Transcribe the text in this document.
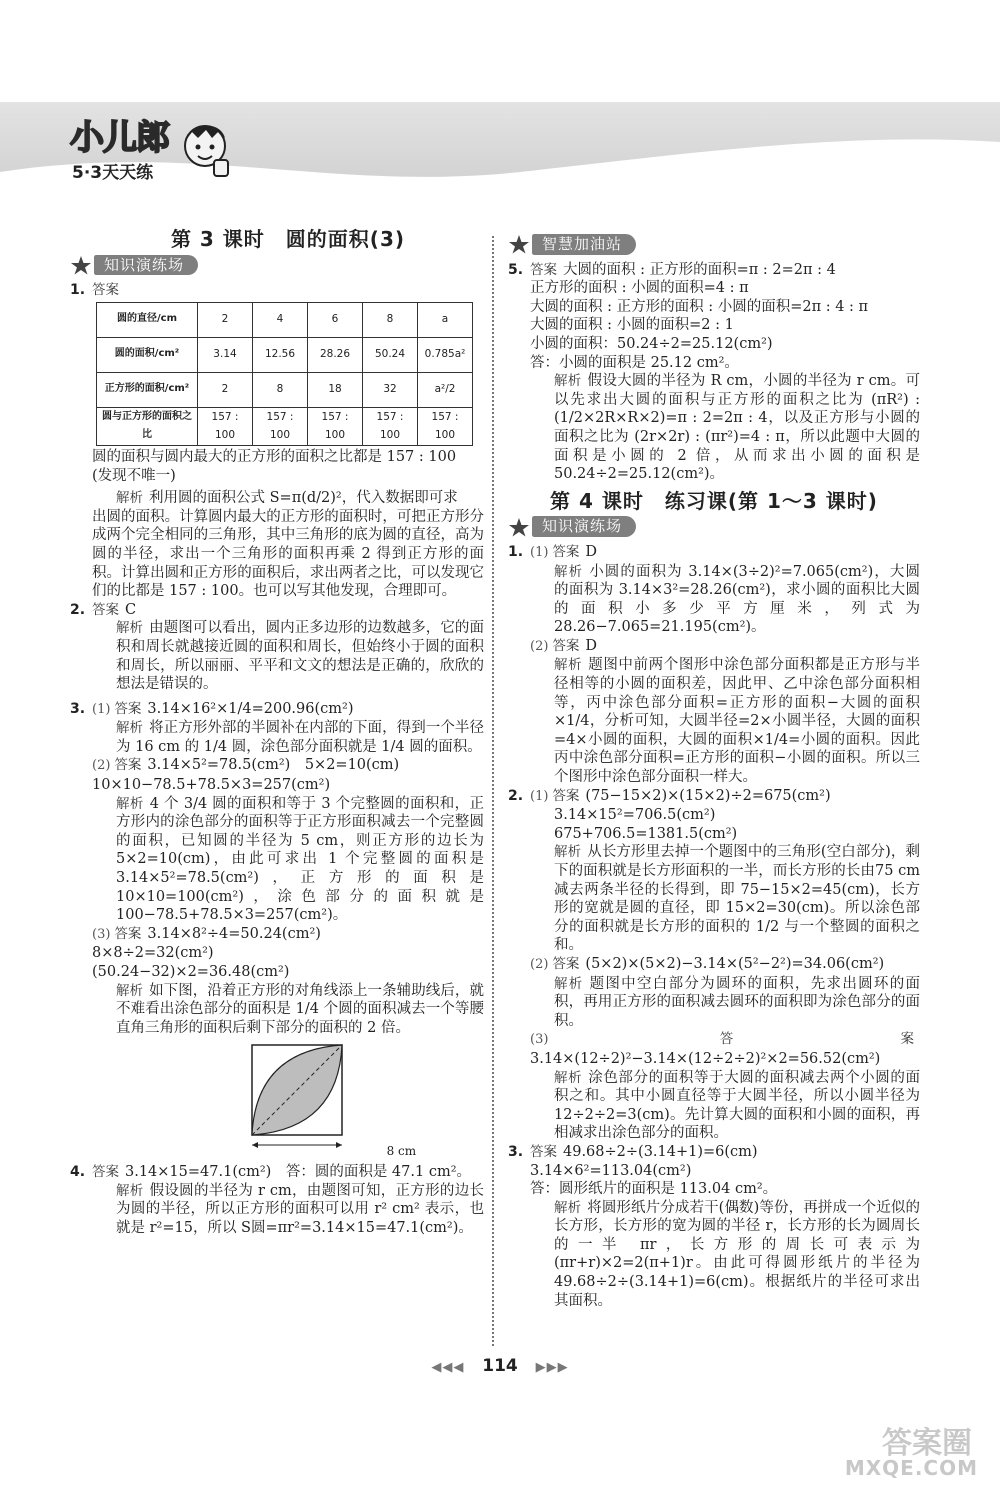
小儿郎
5·3天天练
第 3 课时　圆的面积(3)
知识演练场
1. 答案
圆的直径/cm	2	4	6	8	a
圆的面积/cm²	3.14	12.56	28.26	50.24	0.785a²
正方形的面积/cm²	2	8	18	32	a²/2
圆与正方形的面积之比	157 : 100	157 : 100	157 : 100	157 : 100	157 : 100

圆的面积与圆内最大的正方形的面积之比都是 157 : 100

(发现不唯一)

解析 利用圆的面积公式 S=π(d/2)²，代入数据即可求

出圆的面积。计算圆内最大的正方形的面积时，可把正方形分成两个完全相同的三角形，其中三角形的底为圆的直径，高为圆的半径，求出一个三角形的面积再乘 2 得到正方形的面积。计算出圆和正方形的面积后，求出两者之比，可以发现它们的比都是 157 : 100。也可以写其他发现，合理即可。

2. 答案 C

解析 由题图可以看出，圆内正多边形的边数越多，它的面积和周长就越接近圆的面积和周长，但始终小于圆的面积和周长，所以丽丽、平平和文文的想法是正确的，欣欣的想法是错误的。

3. (1) 答案 3.14×16²×1/4=200.96(cm²)

解析 将正方形外部的半圆补在内部的下面，得到一个半径为 16 cm 的 1/4 圆，涂色部分面积就是 1/4 圆的面积。

(2) 答案 3.14×5²=78.5(cm²)　5×2=10(cm)

10×10−78.5+78.5×3=257(cm²)

解析 4 个 3/4 圆的面积和等于 3 个完整圆的面积和，正方形内的涂色部分的面积等于正方形面积减去一个完整圆的面积，已知圆的半径为 5 cm，则正方形的边长为 5×2=10(cm)，由此可求出 1 个完整圆的面积是 3.14×5²=78.5(cm²)，正方形的面积是 10×10=100(cm²)，涂色部分的面积就是 100−78.5+78.5×3=257(cm²)。

(3) 答案 3.14×8²÷4=50.24(cm²)

8×8÷2=32(cm²)

(50.24−32)×2=36.48(cm²)

解析 如下图，沿着正方形的对角线添上一条辅助线后，就不难看出涂色部分的面积是 1/4 个圆的面积减去一个等腰直角三角形的面积后剩下部分的面积的 2 倍。

8 cm
4. 答案 3.14×15=47.1(cm²)　答：圆的面积是 47.1 cm²。

解析 假设圆的半径为 r cm，由题图可知，正方形的边长为圆的半径，所以正方形的面积可以用 r² cm² 表示，也就是 r²=15，所以 S圆=πr²=3.14×15=47.1(cm²)。

智慧加油站
5. 答案 大圆的面积 : 正方形的面积=π : 2=2π : 4

正方形的面积 : 小圆的面积=4 : π

大圆的面积 : 正方形的面积 : 小圆的面积=2π : 4 : π

大圆的面积 : 小圆的面积=2 : 1

小圆的面积：50.24÷2=25.12(cm²)

答：小圆的面积是 25.12 cm²。

解析 假设大圆的半径为 R cm，小圆的半径为 r cm。可以先求出大圆的面积与正方形的面积之比为 (πR²) : (1/2×2R×R×2)=π : 2=2π : 4，以及正方形与小圆的面积之比为 (2r×2r) : (πr²)=4 : π，所以此题中大圆的面积是小圆的 2 倍，从而求出小圆的面积是 50.24÷2=25.12(cm²)。

第 4 课时　练习课(第 1～3 课时)
知识演练场
1. (1) 答案 D

解析 小圆的面积为 3.14×(3÷2)²=7.065(cm²)，大圆的面积为 3.14×3²=28.26(cm²)，求小圆的面积比大圆的面积小多少平方厘米，列式为 28.26−7.065=21.195(cm²)。

(2) 答案 D

解析 题图中前两个图形中涂色部分面积都是正方形与半径相等的小圆的面积差，因此甲、乙中涂色部分面积相等，丙中涂色部分面积=正方形的面积−大圆的面积×1/4，分析可知，大圆半径=2×小圆半径，大圆的面积=4×小圆的面积，大圆的面积×1/4=小圆的面积。因此丙中涂色部分面积=正方形的面积−小圆的面积。所以三个图形中涂色部分面积一样大。

2. (1) 答案 (75−15×2)×(15×2)÷2=675(cm²)

3.14×15²=706.5(cm²)

675+706.5=1381.5(cm²)

解析 从长方形里去掉一个题图中的三角形(空白部分)，剩下的面积就是长方形面积的一半，而长方形的长由75 cm减去两条半径的长得到，即 75−15×2=45(cm)，长方形的宽就是圆的直径，即 15×2=30(cm)。所以涂色部分的面积就是长方形的面积的 1/2 与一个整圆的面积之和。

(2) 答案 (5×2)×(5×2)−3.14×(5²−2²)=34.06(cm²)

解析 题图中空白部分为圆环的面积，先求出圆环的面积，再用正方形的面积减去圆环的面积即为涂色部分的面积。

(3) 答案3.14×(12÷2)²−3.14×(12÷2÷2)²×2=56.52(cm²)

解析 涂色部分的面积等于大圆的面积减去两个小圆的面积之和。其中小圆直径等于大圆半径，所以小圆半径为 12÷2÷2=3(cm)。先计算大圆的面积和小圆的面积，再相减求出涂色部分的面积。

3. 答案 49.68÷2÷(3.14+1)=6(cm)

3.14×6²=113.04(cm²)

答：圆形纸片的面积是 113.04 cm²。

解析 将圆形纸片分成若干(偶数)等份，再拼成一个近似的长方形，长方形的宽为圆的半径 r，长方形的长为圆周长的一半 πr，长方形的周长可表示为 (πr+r)×2=2(π+1)r。由此可得圆形纸片的半径为 49.68÷2÷(3.14+1)=6(cm)。根据纸片的半径可求出其面积。

◀◀◀ 114 ▶▶▶
答案圈
MXQE.COM
